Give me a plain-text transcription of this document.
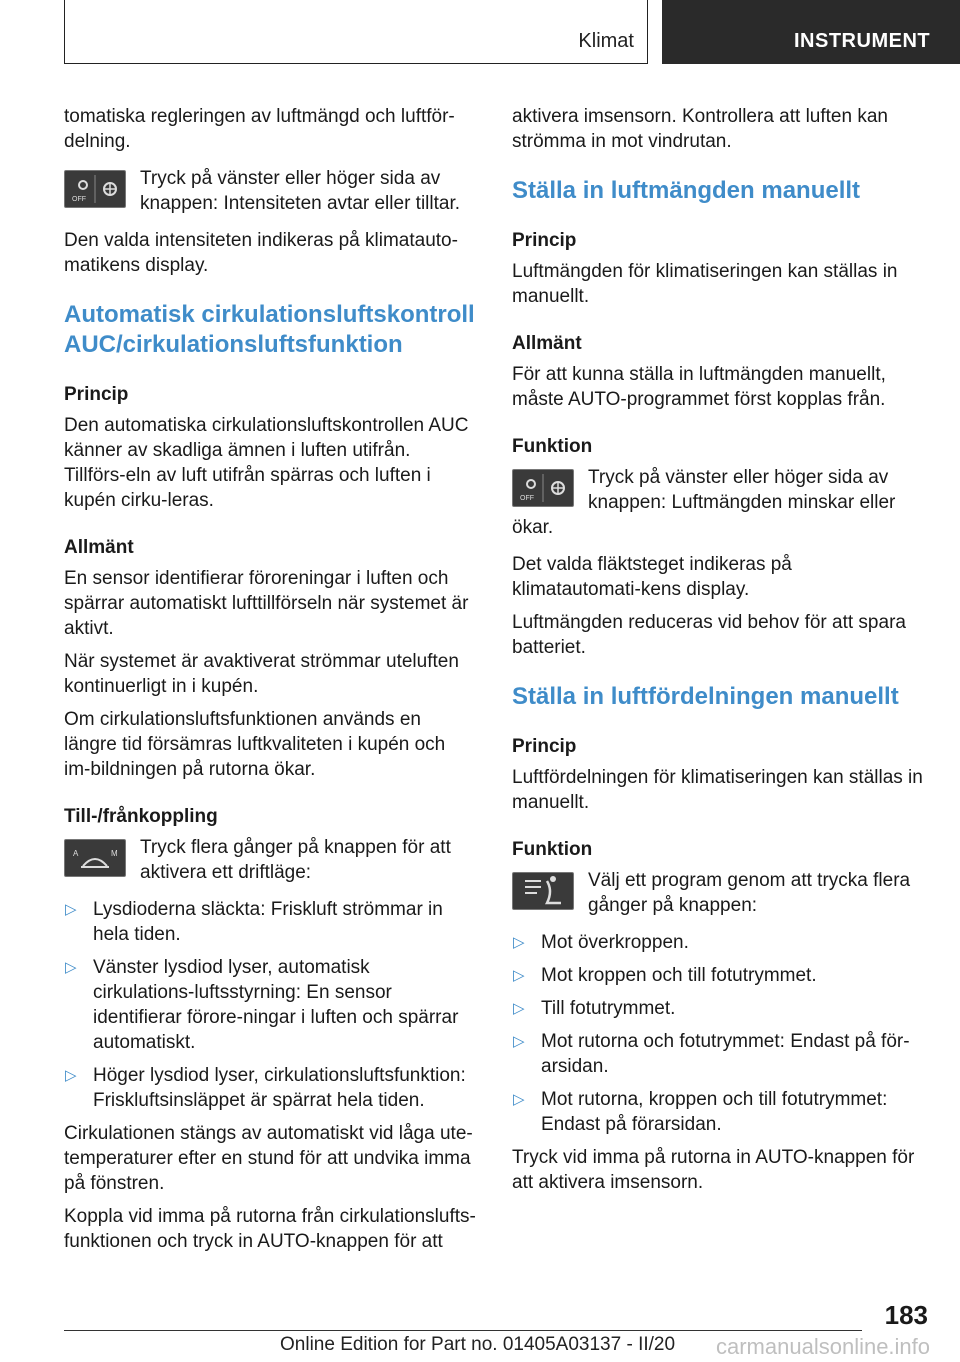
Klimat	INSTRUMENT

tomatiska regleringen av luftmängd och luftför-delning.

OFF
Tryck på vänster eller höger sida av knappen: Intensiteten avtar eller tilltar.

Den valda intensiteten indikeras på klimatauto-matikens display.

Automatisk cirkulationsluftskontroll AUC/cirkulationsluftsfunktion
Princip

Den automatiska cirkulationsluftskontrollen AUC känner av skadliga ämnen i luften utifrån. Tillförs-eln av luft utifrån spärras och luften i kupén cirku-leras.

Allmänt

En sensor identifierar föroreningar i luften och spärrar automatiskt lufttillförseln när systemet är aktivt.

När systemet är avaktiverat strömmar uteluften kontinuerligt in i kupén.

Om cirkulationsluftsfunktionen används en längre tid försämras luftkvaliteten i kupén och im-bildningen på rutorna ökar.

Till-/frånkoppling
A	M Tryck flera gånger på knappen för att aktivera ett driftläge:
▷ Lysdioderna släckta: Friskluft strömmar in hela tiden.
▷ Vänster lysdiod lyser, automatisk cirkulations-luftsstyrning: En sensor identifierar förore-ningar i luften och spärrar automatiskt.
▷ Höger lysdiod lyser, cirkulationsluftsfunktion: Friskluftsinsläppet är spärrat hela tiden.

Cirkulationen stängs av automatiskt vid låga ute-temperaturer efter en stund för att undvika imma på fönstren.

Koppla vid imma på rutorna från cirkulationslufts-funktionen och tryck in AUTO-knappen för att

aktivera imsensorn. Kontrollera att luften kan strömma in mot vindrutan.

Ställa in luftmängden manuellt
Princip

Luftmängden för klimatiseringen kan ställas in manuellt.

Allmänt

För att kunna ställa in luftmängden manuellt, måste AUTO-programmet först kopplas från.

Funktion
OFF
Tryck på vänster eller höger sida av knappen: Luftmängden minskar eller ökar.

Det valda fläktsteget indikeras på klimatautomati-kens display.

Luftmängden reduceras vid behov för att spara batteriet.

Ställa in luftfördelningen manuellt
Princip

Luftfördelningen för klimatiseringen kan ställas in manuellt.

Funktion
Välj ett program genom att trycka flera gånger på knappen:
▷ Mot överkroppen.
▷ Mot kroppen och till fotutrymmet.
▷ Till fotutrymmet.
▷ Mot rutorna och fotutrymmet: Endast på för-arsidan.
▷ Mot rutorna, kroppen och till fotutrymmet: Endast på förarsidan.

Tryck vid imma på rutorna in AUTO-knappen för att aktivera imsensorn.

183
Online Edition for Part no. 01405A03137 - II/20 carmanualsonline.info
